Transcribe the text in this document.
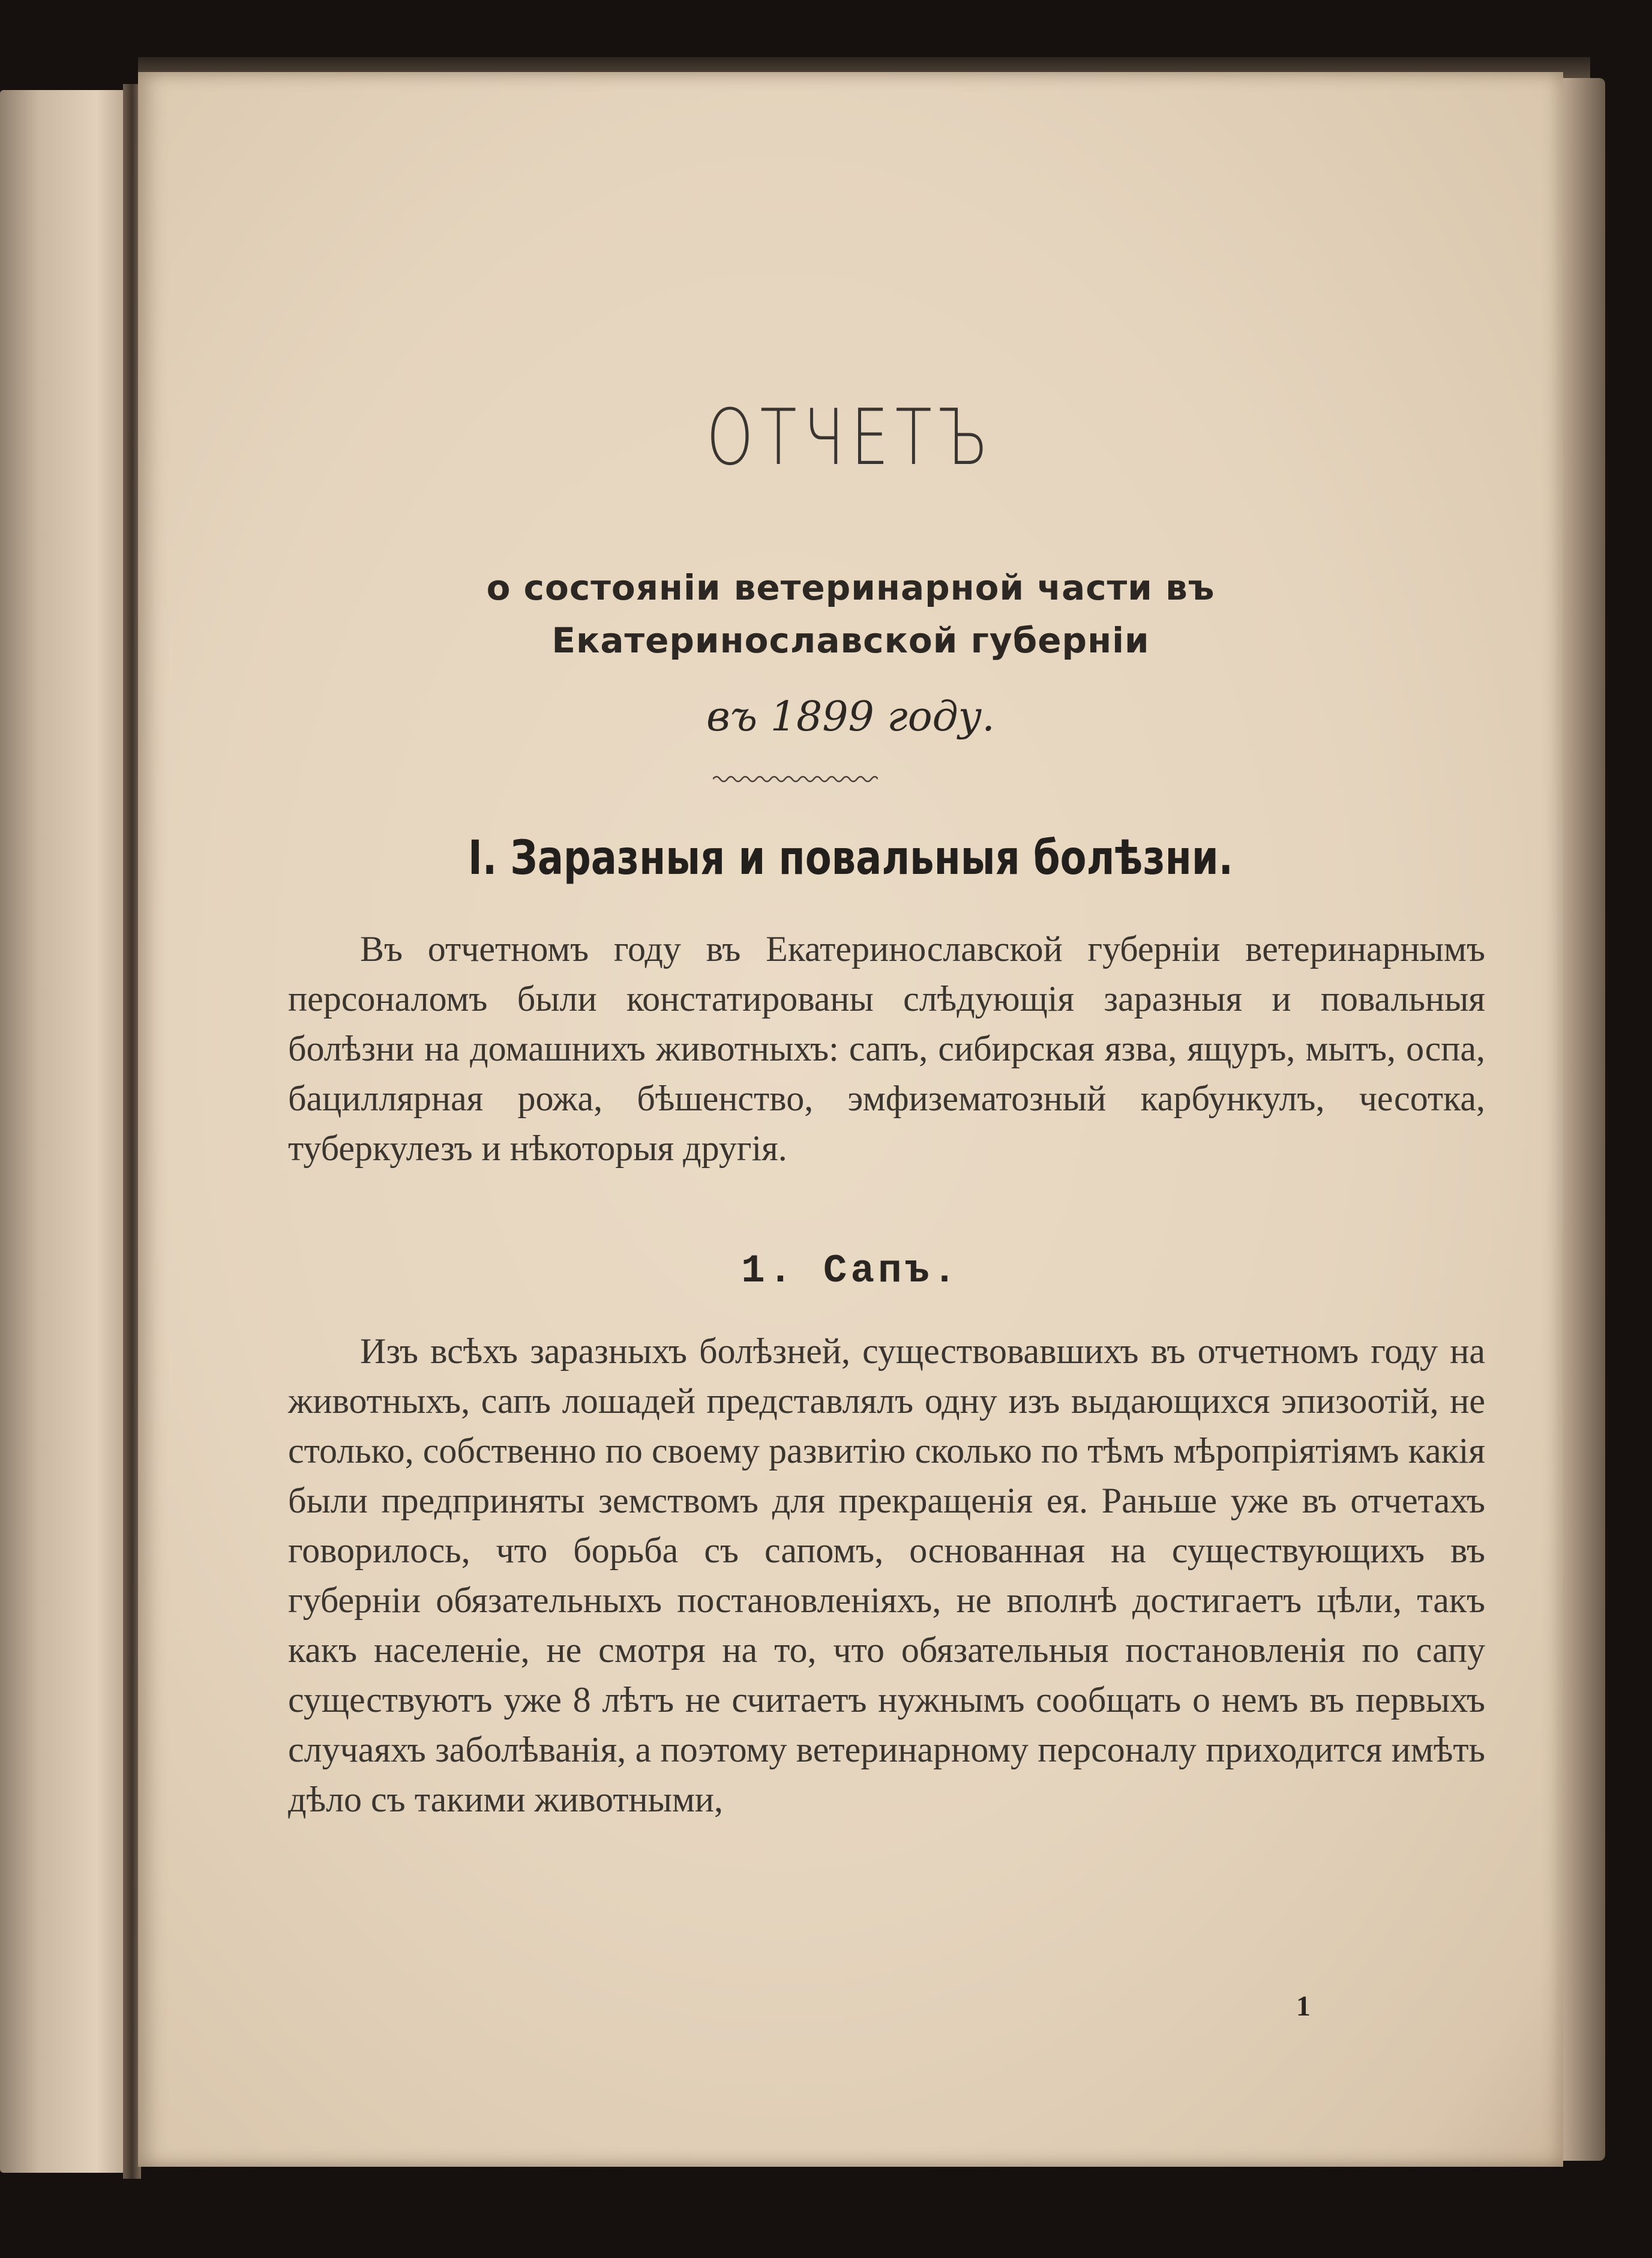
ОТЧЕТЪ
о состоянiи ветеринарной части въ Екатеринославской губернiи
въ 1899 году.
I. Заразныя и повальныя болѣзни.
Въ отчетномъ году въ Екатеринославской губернiи ветеринарнымъ персоналомъ были констатированы слѣдующiя заразныя и повальныя болѣзни на домашнихъ животныхъ: сапъ, сибирская язва, ящуръ, мытъ, оспа, бациллярная рожа, бѣшенство, эмфизематозный карбункулъ, чесотка, туберкулезъ и нѣкоторыя другiя.
1. Сапъ.
Изъ всѣхъ заразныхъ болѣзней, существовавшихъ въ отчетномъ году на животныхъ, сапъ лошадей представлялъ одну изъ выдающихся эпизоотiй, не столько, собственно по своему развитiю сколько по тѣмъ мѣропрiятiямъ какiя были предприняты земствомъ для прекращенiя ея. Раньше уже въ отчетахъ говорилось, что борьба съ сапомъ, основанная на существующихъ въ губернiи обязательныхъ постановленiяхъ, не вполнѣ достигаетъ цѣли, такъ какъ населенiе, не смотря на то, что обязательныя постановленiя по сапу существуютъ уже 8 лѣтъ не считаетъ нужнымъ сообщать о немъ въ первыхъ случаяхъ заболѣванiя, а поэтому ветеринарному персоналу приходится имѣть дѣло съ такими животными,
1
